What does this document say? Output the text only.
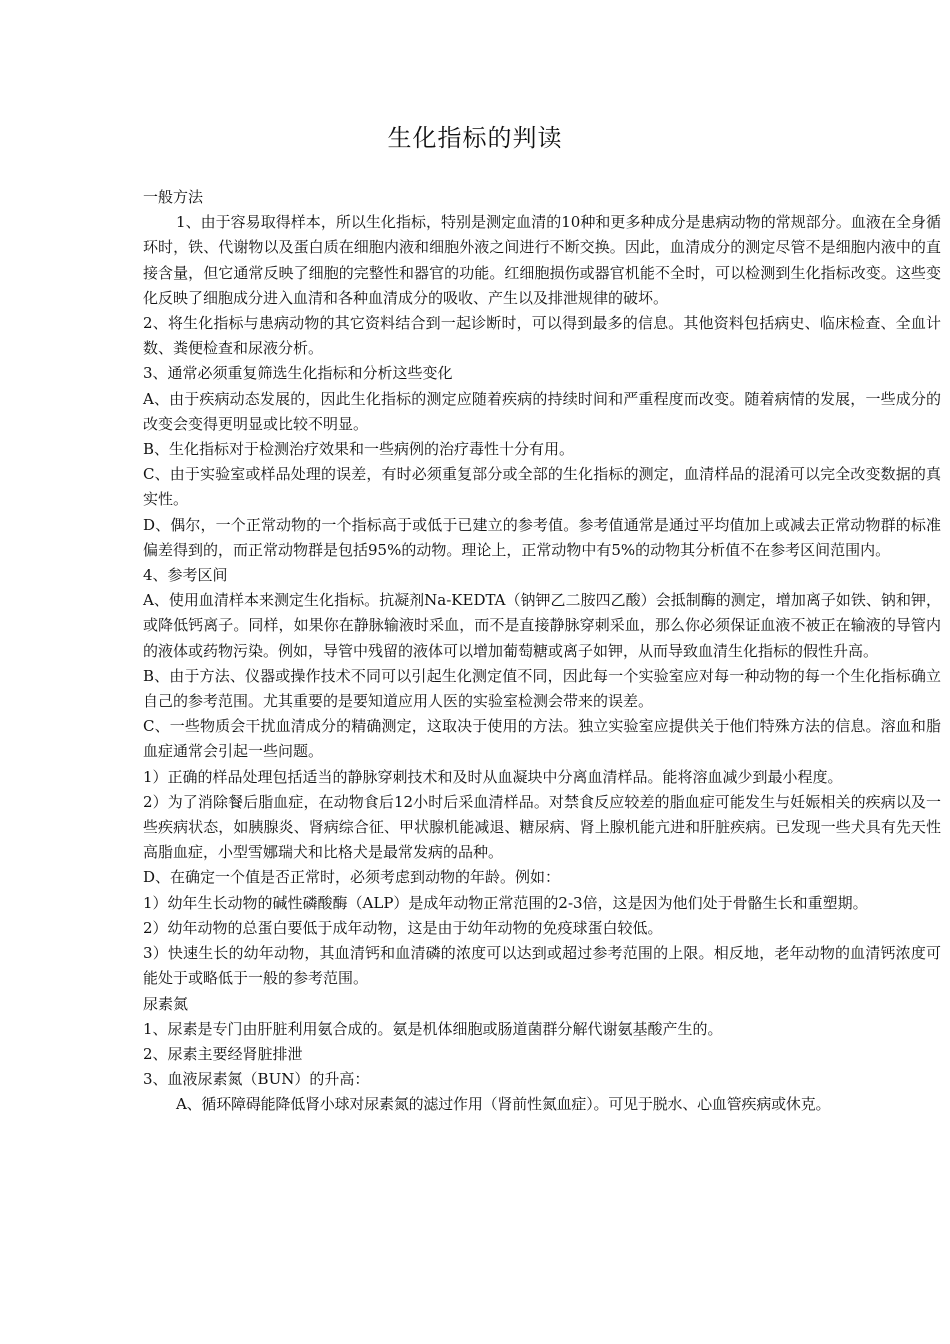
生化指标的判读

一般方法

1、由于容易取得样本，所以生化指标，特别是测定血清的10种和更多种成分是患病动物的常规部分。血液在全身循环时，铁、代谢物以及蛋白质在细胞内液和细胞外液之间进行不断交换。因此，血清成分的测定尽管不是细胞内液中的直接含量，但它通常反映了细胞的完整性和器官的功能。红细胞损伤或器官机能不全时，可以检测到生化指标改变。这些变化反映了细胞成分进入血清和各种血清成分的吸收、产生以及排泄规律的破坏。

2、将生化指标与患病动物的其它资料结合到一起诊断时，可以得到最多的信息。其他资料包括病史、临床检查、全血计数、粪便检查和尿液分析。

3、通常必须重复筛选生化指标和分析这些变化

A、由于疾病动态发展的，因此生化指标的测定应随着疾病的持续时间和严重程度而改变。随着病情的发展，一些成分的改变会变得更明显或比较不明显。

B、生化指标对于检测治疗效果和一些病例的治疗毒性十分有用。

C、由于实验室或样品处理的误差，有时必须重复部分或全部的生化指标的测定，血清样品的混淆可以完全改变数据的真实性。

D、偶尔，一个正常动物的一个指标高于或低于已建立的参考值。参考值通常是通过平均值加上或减去正常动物群的标准偏差得到的，而正常动物群是包括95%的动物。理论上，正常动物中有5%的动物其分析值不在参考区间范围内。

4、参考区间

A、使用血清样本来测定生化指标。抗凝剂Na-KEDTA（钠钾乙二胺四乙酸）会抵制酶的测定，增加离子如铁、钠和钾，或降低钙离子。同样，如果你在静脉输液时采血，而不是直接静脉穿刺采血，那么你必须保证血液不被正在输液的导管内的液体或药物污染。例如，导管中残留的液体可以增加葡萄糖或离子如钾，从而导致血清生化指标的假性升高。

B、由于方法、仪器或操作技术不同可以引起生化测定值不同，因此每一个实验室应对每一种动物的每一个生化指标确立自己的参考范围。尤其重要的是要知道应用人医的实验室检测会带来的误差。

C、一些物质会干扰血清成分的精确测定，这取决于使用的方法。独立实验室应提供关于他们特殊方法的信息。溶血和脂血症通常会引起一些问题。

1）正确的样品处理包括适当的静脉穿刺技术和及时从血凝块中分离血清样品。能将溶血减少到最小程度。

2）为了消除餐后脂血症，在动物食后12小时后采血清样品。对禁食反应较差的脂血症可能发生与妊娠相关的疾病以及一些疾病状态，如胰腺炎、肾病综合征、甲状腺机能减退、糖尿病、肾上腺机能亢进和肝脏疾病。已发现一些犬具有先天性高脂血症，小型雪娜瑞犬和比格犬是最常发病的品种。

D、在确定一个值是否正常时，必须考虑到动物的年龄。例如：

1）幼年生长动物的碱性磷酸酶（ALP）是成年动物正常范围的2-3倍，这是因为他们处于骨骼生长和重塑期。

2）幼年动物的总蛋白要低于成年动物，这是由于幼年动物的免疫球蛋白较低。

3）快速生长的幼年动物，其血清钙和血清磷的浓度可以达到或超过参考范围的上限。相反地，老年动物的血清钙浓度可能处于或略低于一般的参考范围。

尿素氮

1、尿素是专门由肝脏利用氨合成的。氨是机体细胞或肠道菌群分解代谢氨基酸产生的。

2、尿素主要经肾脏排泄

3、血液尿素氮（BUN）的升高：

A、循环障碍能降低肾小球对尿素氮的滤过作用（肾前性氮血症）。可见于脱水、心血管疾病或休克。
